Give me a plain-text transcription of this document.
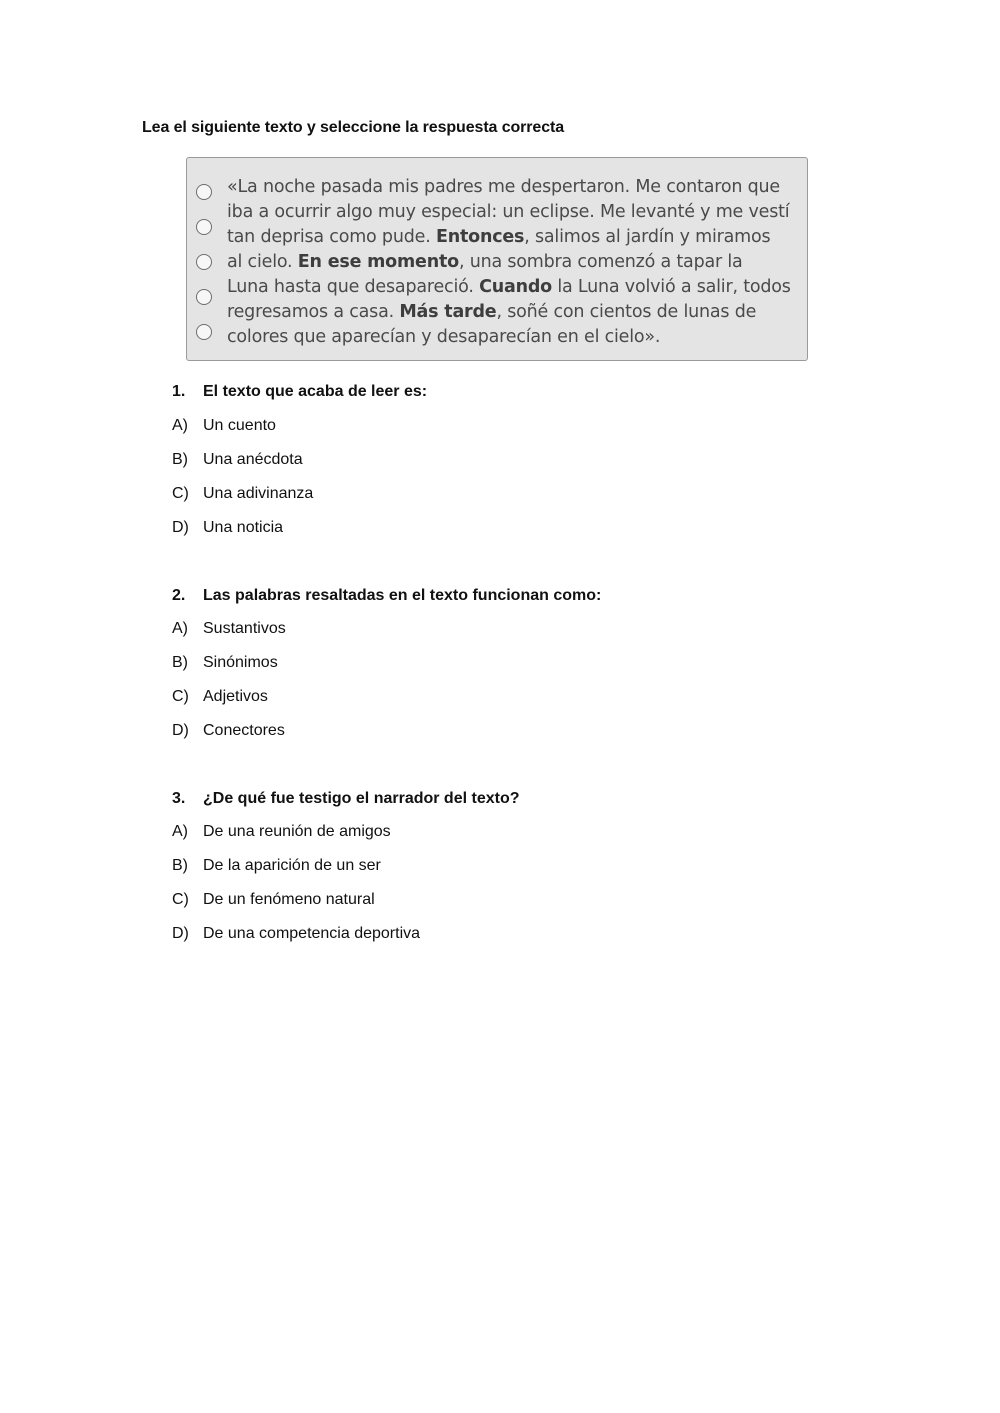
Lea el siguiente texto y seleccione la respuesta correcta
«La noche pasada mis padres me despertaron. Me contaron que
iba a ocurrir algo muy especial: un eclipse. Me levanté y me vestí
tan deprisa como pude. Entonces, salimos al jardín y miramos
al cielo. En ese momento, una sombra comenzó a tapar la
Luna hasta que desapareció. Cuando la Luna volvió a salir, todos
regresamos a casa. Más tarde, soñé con cientos de lunas de
colores que aparecían y desaparecían en el cielo».
1. El texto que acaba de leer es:
A) Un cuento
B) Una anécdota
C) Una adivinanza
D) Una noticia
2. Las palabras resaltadas en el texto funcionan como:
A) Sustantivos
B) Sinónimos
C) Adjetivos
D) Conectores
3. ¿De qué fue testigo el narrador del texto?
A) De una reunión de amigos
B) De la aparición de un ser
C) De un fenómeno natural
D) De una competencia deportiva
